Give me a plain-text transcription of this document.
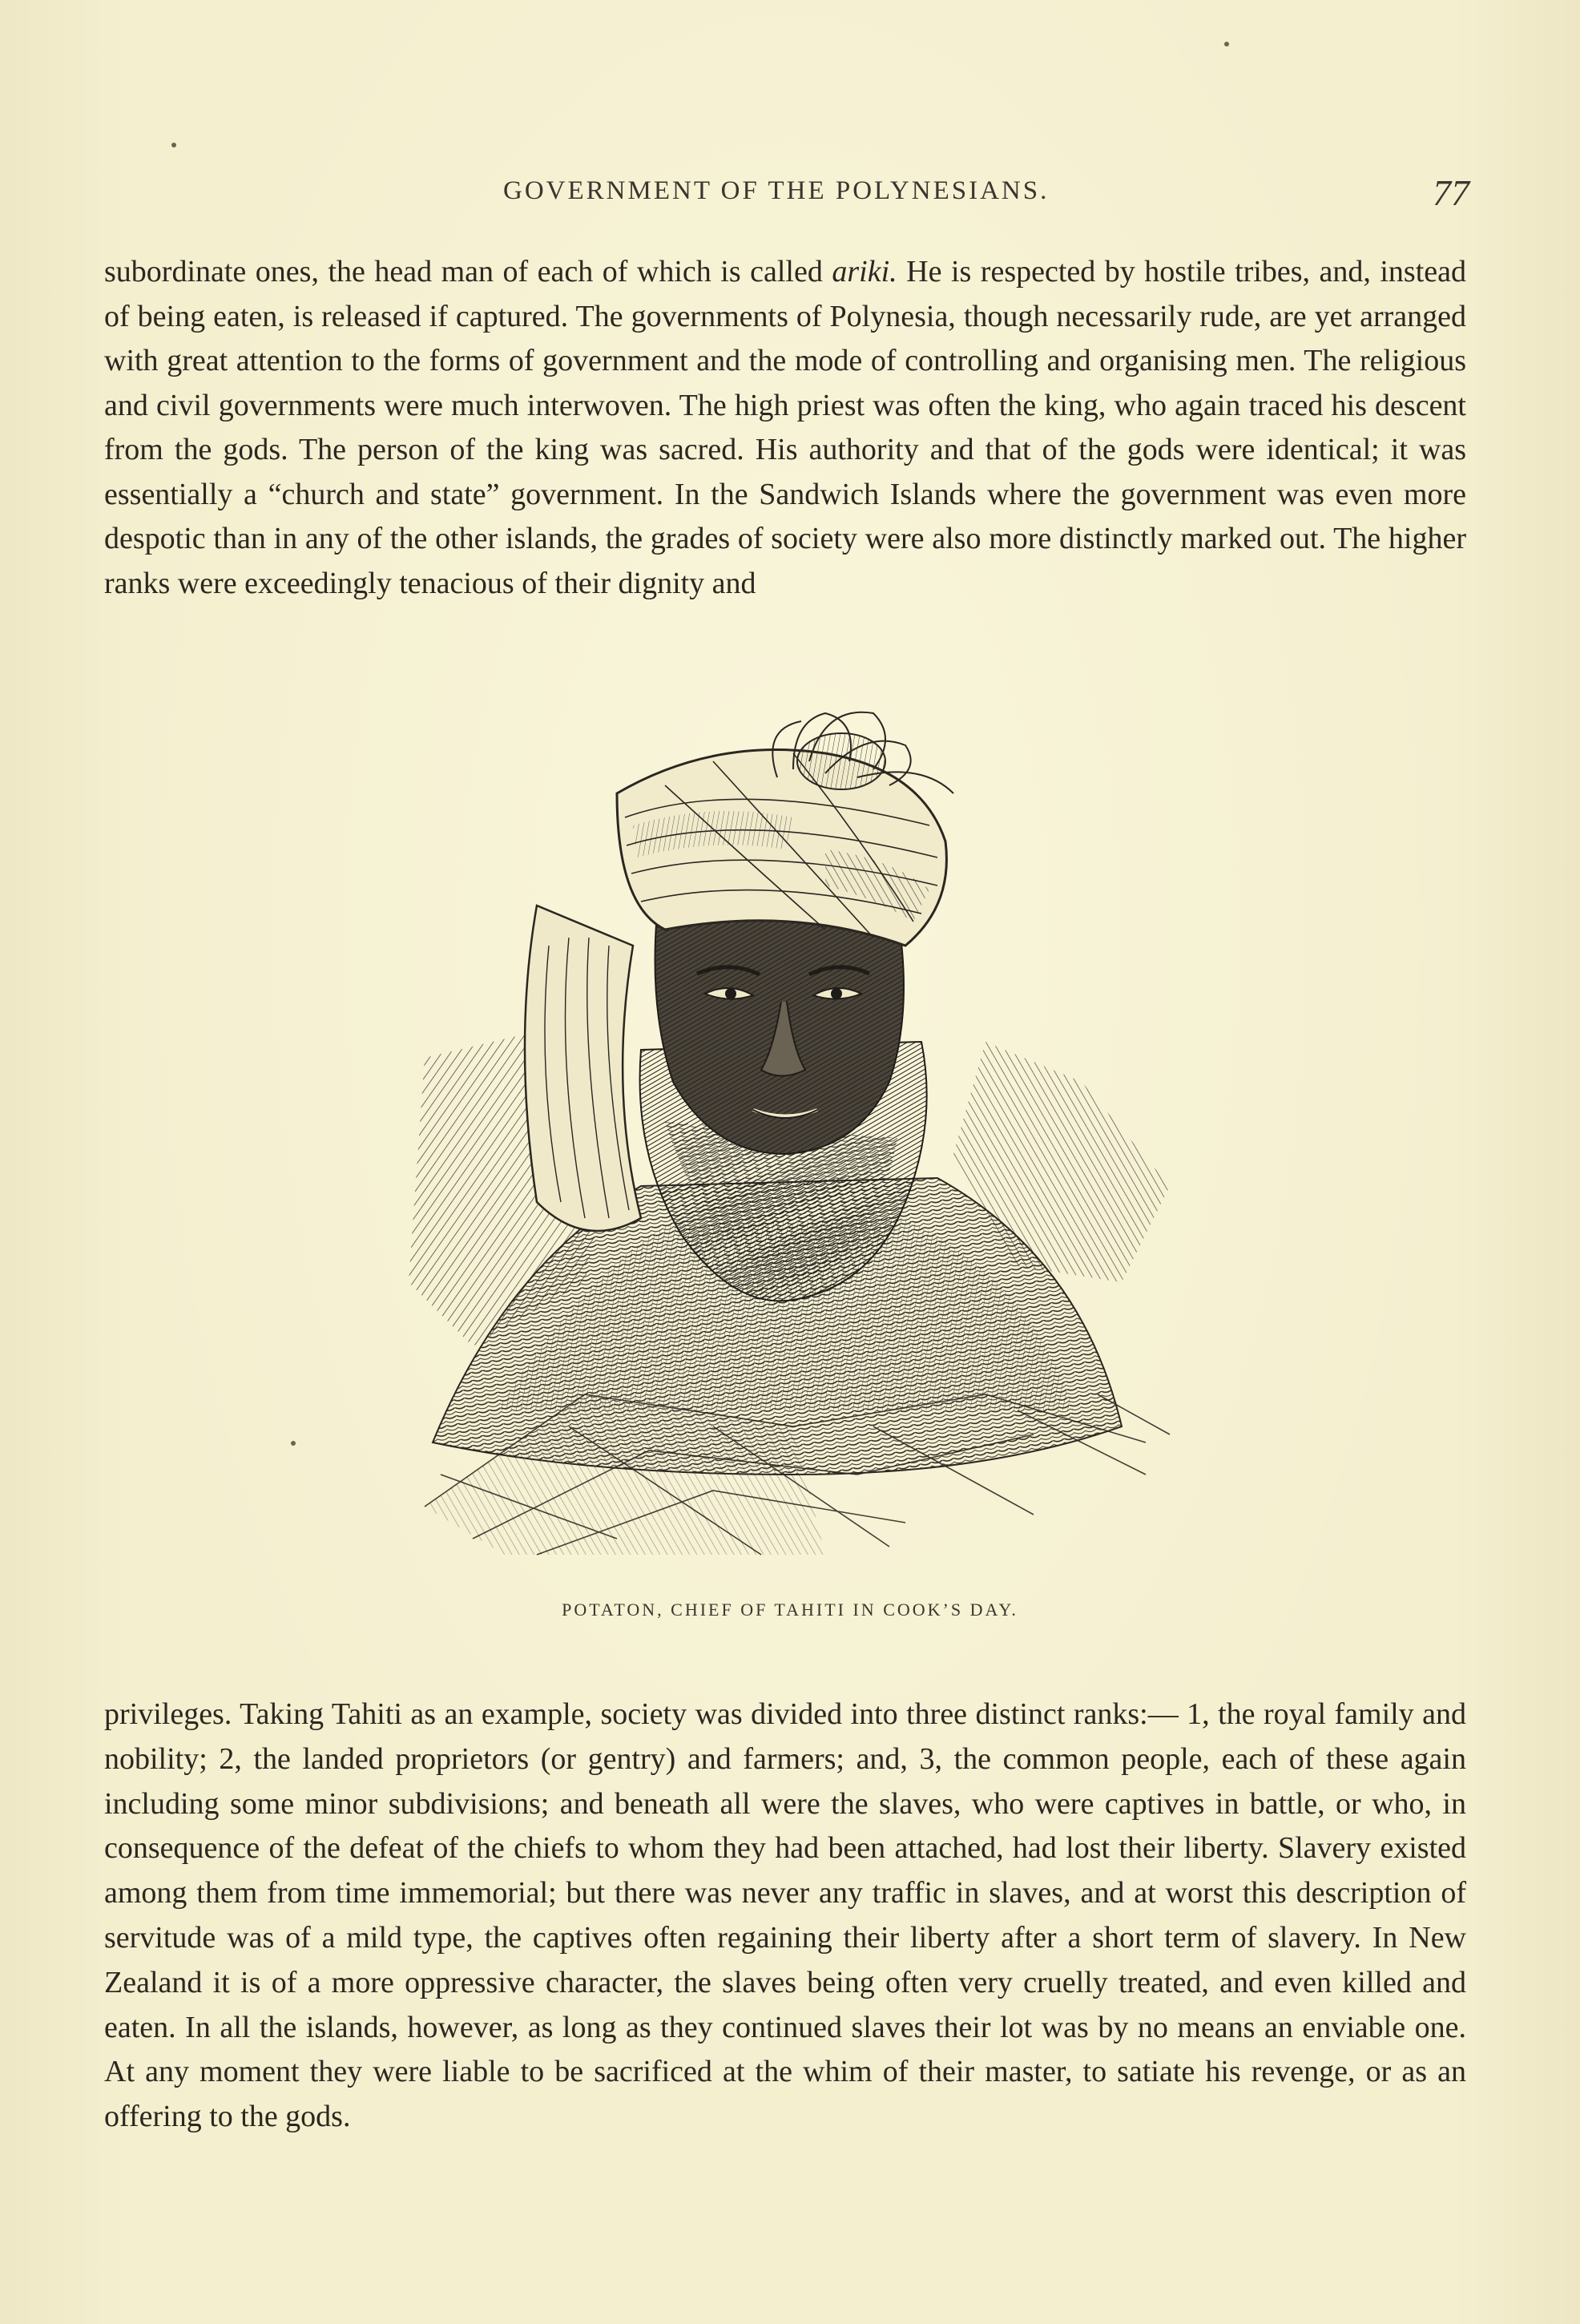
GOVERNMENT OF THE POLYNESIANS.	77

subordinate ones, the head man of each of which is called ariki. He is respected by hostile tribes, and, instead of being eaten, is released if captured. The governments of Polynesia, though necessarily rude, are yet arranged with great attention to the forms of government and the mode of controlling and organising men. The religious and civil governments were much interwoven. The high priest was often the king, who again traced his descent from the gods. The person of the king was sacred. His authority and that of the gods were identical; it was essentially a “church and state” government. In the Sandwich Islands where the government was even more despotic than in any of the other islands, the grades of society were also more distinctly marked out. The higher ranks were exceedingly tenacious of their dignity and

POTATON, CHIEF OF TAHITI IN COOK’S DAY.

privileges. Taking Tahiti as an example, society was divided into three distinct ranks:— 1, the royal family and nobility; 2, the landed proprietors (or gentry) and farmers; and, 3, the common people, each of these again including some minor subdivisions; and beneath all were the slaves, who were captives in battle, or who, in consequence of the defeat of the chiefs to whom they had been attached, had lost their liberty. Slavery existed among them from time immemorial; but there was never any traffic in slaves, and at worst this description of servitude was of a mild type, the captives often regaining their liberty after a short term of slavery. In New Zealand it is of a more oppressive character, the slaves being often very cruelly treated, and even killed and eaten. In all the islands, however, as long as they continued slaves their lot was by no means an enviable one. At any moment they were liable to be sacrificed at the whim of their master, to satiate his revenge, or as an offering to the gods.
